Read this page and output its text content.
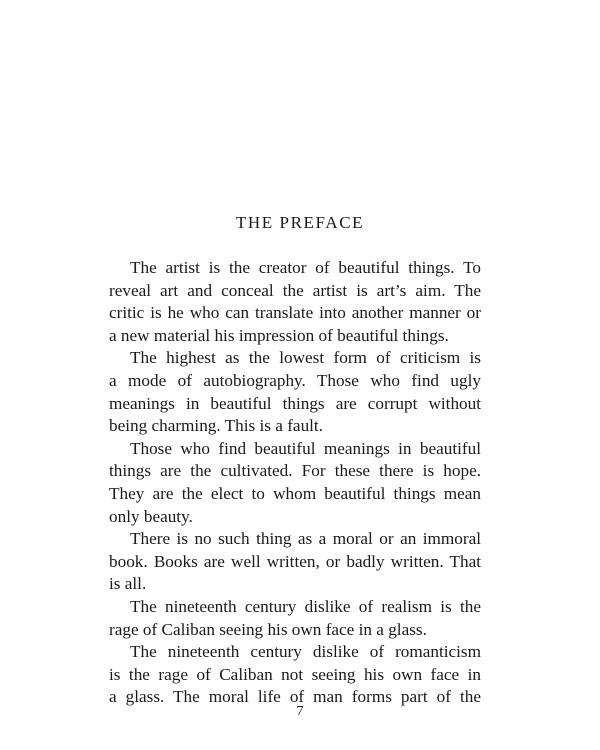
THE PREFACE

The artist is the creator of beautiful things. To
reveal art and conceal the artist is art’s aim. The
critic is he who can translate into another manner or
a new material his impression of beautiful things.

The highest as the lowest form of criticism is
a mode of autobiography. Those who find ugly
meanings in beautiful things are corrupt without
being charming. This is a fault.

Those who find beautiful meanings in beautiful
things are the cultivated. For these there is hope.
They are the elect to whom beautiful things mean
only beauty.

There is no such thing as a moral or an immoral
book. Books are well written, or badly written. That
is all.

The nineteenth century dislike of realism is the
rage of Caliban seeing his own face in a glass.

The nineteenth century dislike of romanticism
is the rage of Caliban not seeing his own face in
a glass. The moral life of man forms part of the

7
